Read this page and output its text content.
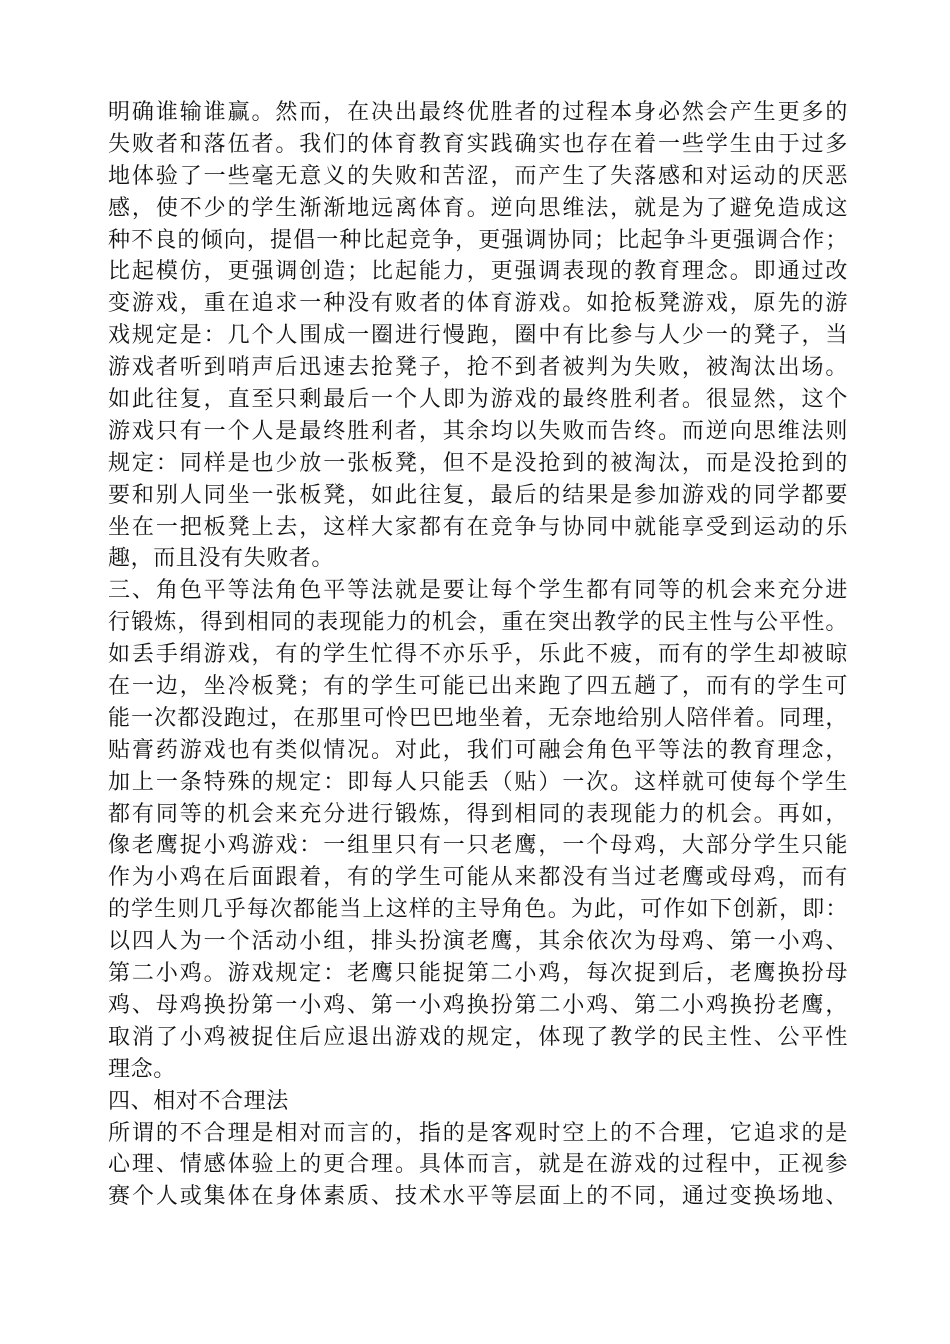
明确谁输谁赢。然而，在决出最终优胜者的过程本身必然会产生更多的
失败者和落伍者。我们的体育教育实践确实也存在着一些学生由于过多
地体验了一些毫无意义的失败和苦涩，而产生了失落感和对运动的厌恶
感，使不少的学生渐渐地远离体育。逆向思维法，就是为了避免造成这
种不良的倾向，提倡一种比起竞争，更强调协同；比起争斗更强调合作；
比起模仿，更强调创造；比起能力，更强调表现的教育理念。即通过改
变游戏，重在追求一种没有败者的体育游戏。如抢板凳游戏，原先的游
戏规定是：几个人围成一圈进行慢跑，圈中有比参与人少一的凳子，当
游戏者听到哨声后迅速去抢凳子，抢不到者被判为失败，被淘汰出场。
如此往复，直至只剩最后一个人即为游戏的最终胜利者。很显然，这个
游戏只有一个人是最终胜利者，其余均以失败而告终。而逆向思维法则
规定：同样是也少放一张板凳，但不是没抢到的被淘汰，而是没抢到的
要和别人同坐一张板凳，如此往复，最后的结果是参加游戏的同学都要
坐在一把板凳上去，这样大家都有在竞争与协同中就能享受到运动的乐
趣，而且没有失败者。
三、角色平等法角色平等法就是要让每个学生都有同等的机会来充分进
行锻炼，得到相同的表现能力的机会，重在突出教学的民主性与公平性。
如丢手绢游戏，有的学生忙得不亦乐乎，乐此不疲，而有的学生却被晾
在一边，坐冷板凳；有的学生可能已出来跑了四五趟了，而有的学生可
能一次都没跑过，在那里可怜巴巴地坐着，无奈地给别人陪伴着。同理，
贴膏药游戏也有类似情况。对此，我们可融会角色平等法的教育理念，
加上一条特殊的规定：即每人只能丢（贴）一次。这样就可使每个学生
都有同等的机会来充分进行锻炼，得到相同的表现能力的机会。再如，
像老鹰捉小鸡游戏：一组里只有一只老鹰，一个母鸡，大部分学生只能
作为小鸡在后面跟着，有的学生可能从来都没有当过老鹰或母鸡，而有
的学生则几乎每次都能当上这样的主导角色。为此，可作如下创新，即：
以四人为一个活动小组，排头扮演老鹰，其余依次为母鸡、第一小鸡、
第二小鸡。游戏规定：老鹰只能捉第二小鸡，每次捉到后，老鹰换扮母
鸡、母鸡换扮第一小鸡、第一小鸡换扮第二小鸡、第二小鸡换扮老鹰，
取消了小鸡被捉住后应退出游戏的规定，体现了教学的民主性、公平性
理念。
四、相对不合理法
所谓的不合理是相对而言的，指的是客观时空上的不合理，它追求的是
心理、情感体验上的更合理。具体而言，就是在游戏的过程中，正视参
赛个人或集体在身体素质、技术水平等层面上的不同，通过变换场地、
